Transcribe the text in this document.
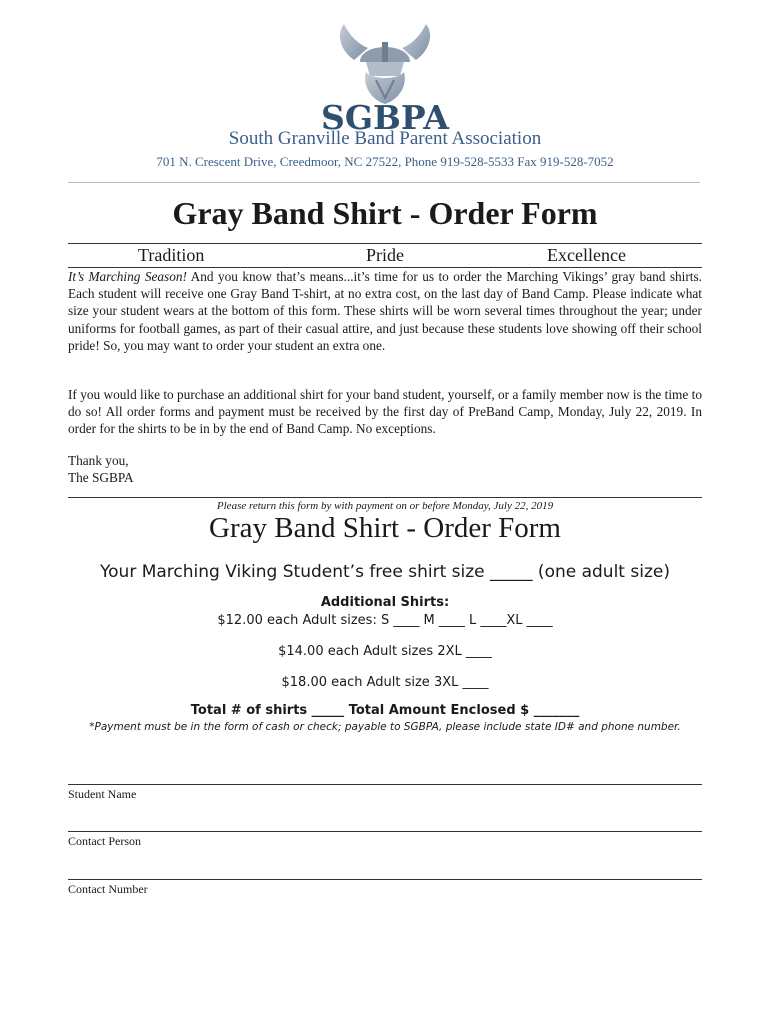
SGBPA
South Granville Band Parent Association
701 N. Crescent Drive, Creedmoor, NC 27522, Phone 919-528-5533 Fax 919-528-7052
Gray Band Shirt - Order Form
Tradition	Pride	Excellence
It’s Marching Season! And you know that’s means...it’s time for us to order the Marching Vikings’ gray band shirts. Each student will receive one Gray Band T-shirt, at no extra cost, on the last day of Band Camp. Please indicate what size your student wears at the bottom of this form. These shirts will be worn several times throughout the year; under uniforms for football games, as part of their casual attire, and just because these students love showing off their school pride! So, you may want to order your student an extra one.
If you would like to purchase an additional shirt for your band student, yourself, or a family member now is the time to do so! All order forms and payment must be received by the first day of PreBand Camp, Monday, July 22, 2019. In order for the shirts to be in by the end of Band Camp. No exceptions.
Thank you,
The SGBPA
Please return this form by with payment on or before Monday, July 22, 2019
Gray Band Shirt - Order Form
Your Marching Viking Student’s free shirt size _____ (one adult size)
Additional Shirts:
$12.00 each Adult sizes: S ____ M ____ L ____XL ____
$14.00 each Adult sizes 2XL ____
$18.00 each Adult size 3XL ____
Total # of shirts _____ Total Amount Enclosed $ _______
*Payment must be in the form of cash or check; payable to SGBPA, please include state ID# and phone number.
Student Name
Contact Person
Contact Number
